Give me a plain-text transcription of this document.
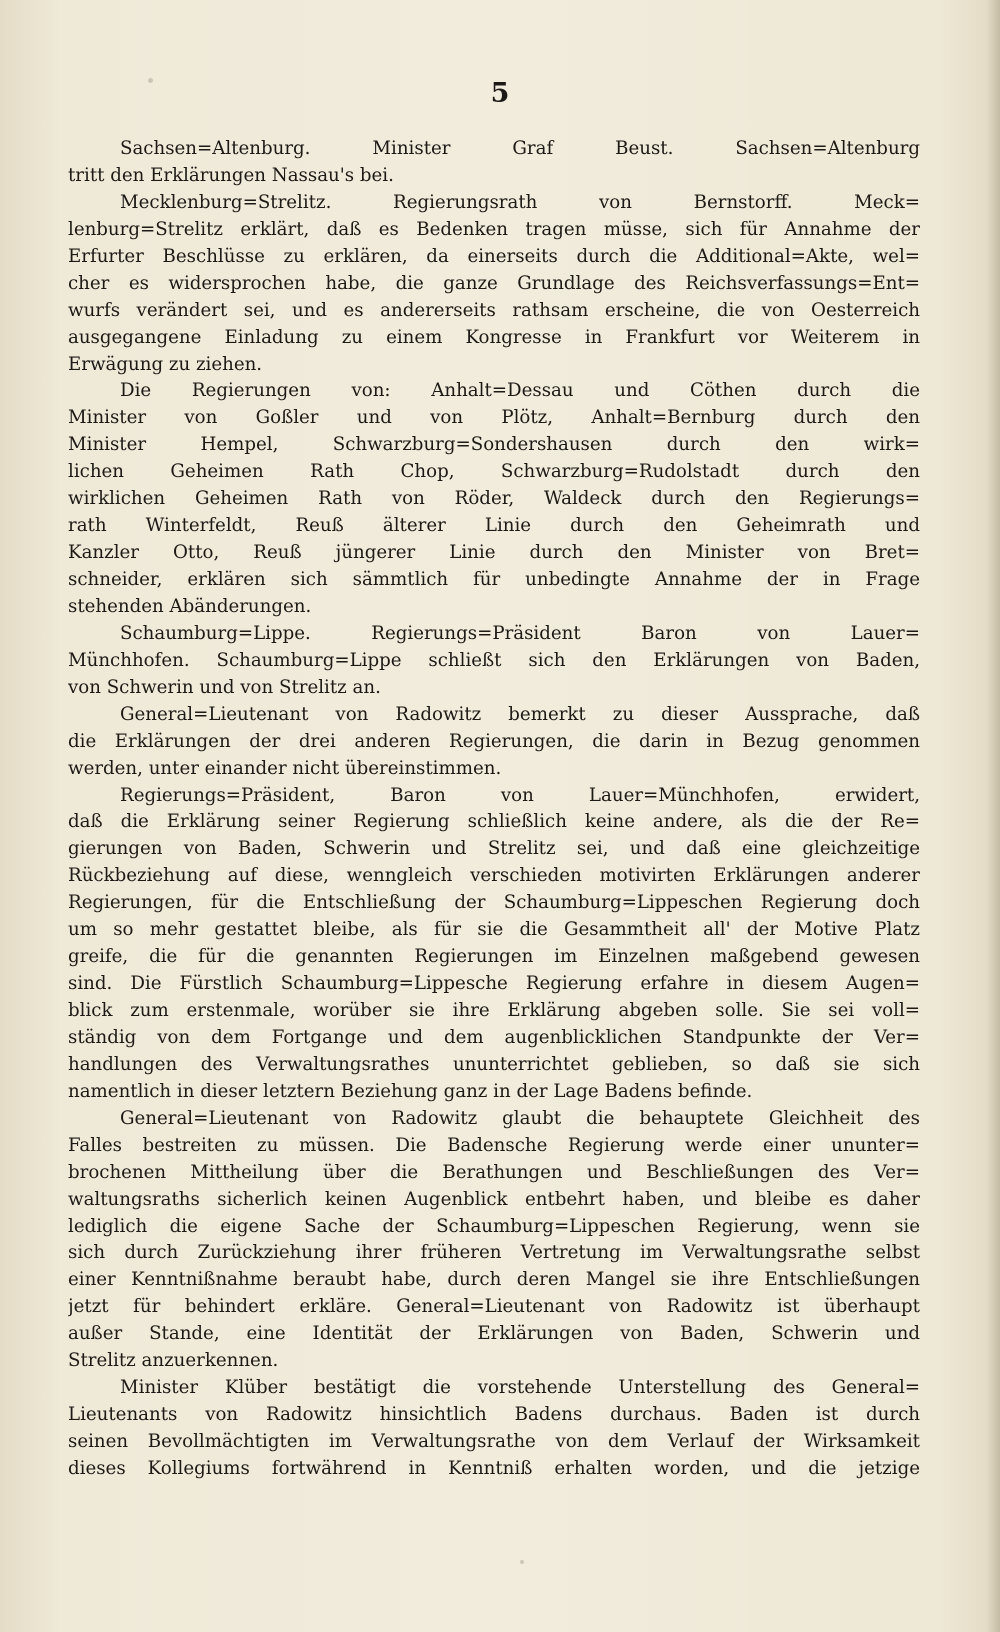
5
Sachsen=Altenburg. Minister Graf Beust. Sachsen=Altenburg
tritt den Erklärungen Nassau's bei.
Mecklenburg=Strelitz. Regierungsrath von Bernstorff. Meck=
lenburg=Strelitz erklärt, daß es Bedenken tragen müsse, sich für Annahme der
Erfurter Beschlüsse zu erklären, da einerseits durch die Additional=Akte, wel=
cher es widersprochen habe, die ganze Grundlage des Reichsverfassungs=Ent=
wurfs verändert sei, und es andererseits rathsam erscheine, die von Oesterreich
ausgegangene Einladung zu einem Kongresse in Frankfurt vor Weiterem in
Erwägung zu ziehen.
Die Regierungen von: Anhalt=Dessau und Cöthen durch die
Minister von Goßler und von Plötz, Anhalt=Bernburg durch den
Minister Hempel, Schwarzburg=Sondershausen durch den wirk=
lichen Geheimen Rath Chop, Schwarzburg=Rudolstadt durch den
wirklichen Geheimen Rath von Röder, Waldeck durch den Regierungs=
rath Winterfeldt, Reuß älterer Linie durch den Geheimrath und
Kanzler Otto, Reuß jüngerer Linie durch den Minister von Bret=
schneider, erklären sich sämmtlich für unbedingte Annahme der in Frage
stehenden Abänderungen.
Schaumburg=Lippe. Regierungs=Präsident Baron von Lauer=
Münchhofen. Schaumburg=Lippe schließt sich den Erklärungen von Baden,
von Schwerin und von Strelitz an.
General=Lieutenant von Radowitz bemerkt zu dieser Aussprache, daß
die Erklärungen der drei anderen Regierungen, die darin in Bezug genommen
werden, unter einander nicht übereinstimmen.
Regierungs=Präsident, Baron von Lauer=Münchhofen, erwidert,
daß die Erklärung seiner Regierung schließlich keine andere, als die der Re=
gierungen von Baden, Schwerin und Strelitz sei, und daß eine gleichzeitige
Rückbeziehung auf diese, wenngleich verschieden motivirten Erklärungen anderer
Regierungen, für die Entschließung der Schaumburg=Lippeschen Regierung doch
um so mehr gestattet bleibe, als für sie die Gesammtheit all' der Motive Platz
greife, die für die genannten Regierungen im Einzelnen maßgebend gewesen
sind. Die Fürstlich Schaumburg=Lippesche Regierung erfahre in diesem Augen=
blick zum erstenmale, worüber sie ihre Erklärung abgeben solle. Sie sei voll=
ständig von dem Fortgange und dem augenblicklichen Standpunkte der Ver=
handlungen des Verwaltungsrathes ununterrichtet geblieben, so daß sie sich
namentlich in dieser letztern Beziehung ganz in der Lage Badens befinde.
General=Lieutenant von Radowitz glaubt die behauptete Gleichheit des
Falles bestreiten zu müssen. Die Badensche Regierung werde einer ununter=
brochenen Mittheilung über die Berathungen und Beschließungen des Ver=
waltungsraths sicherlich keinen Augenblick entbehrt haben, und bleibe es daher
lediglich die eigene Sache der Schaumburg=Lippeschen Regierung, wenn sie
sich durch Zurückziehung ihrer früheren Vertretung im Verwaltungsrathe selbst
einer Kenntnißnahme beraubt habe, durch deren Mangel sie ihre Entschließungen
jetzt für behindert erkläre. General=Lieutenant von Radowitz ist überhaupt
außer Stande, eine Identität der Erklärungen von Baden, Schwerin und
Strelitz anzuerkennen.
Minister Klüber bestätigt die vorstehende Unterstellung des General=
Lieutenants von Radowitz hinsichtlich Badens durchaus. Baden ist durch
seinen Bevollmächtigten im Verwaltungsrathe von dem Verlauf der Wirksamkeit
dieses Kollegiums fortwährend in Kenntniß erhalten worden, und die jetzige
